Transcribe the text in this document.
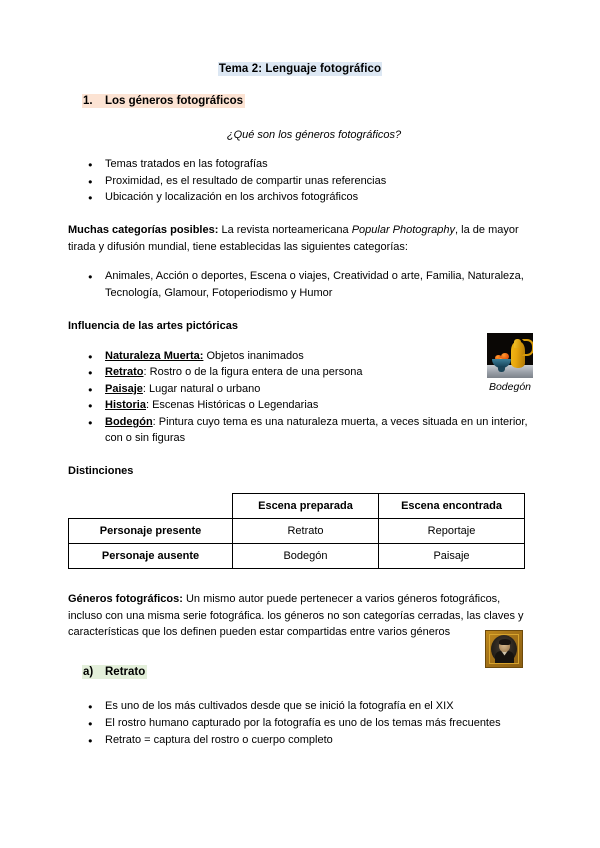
Tema 2: Lenguaje fotográfico
1. Los géneros fotográficos
¿Qué son los géneros fotográficos?
● Temas tratados en las fotografías
● Proximidad, es el resultado de compartir unas referencias
● Ubicación y localización en los archivos fotográficos

Muchas categorías posibles: La revista norteamericana Popular Photography, la de mayor tirada y difusión mundial, tiene establecidas las siguientes categorías:

● Animales, Acción o deportes, Escena o viajes, Creatividad o arte, Familia, Naturaleza, Tecnología, Glamour, Fotoperiodismo y Humor
Influencia de las artes pictóricas
● Naturaleza Muerta: Objetos inanimados
● Retrato: Rostro o de la figura entera de una persona
● Paisaje: Lugar natural o urbano
● Historia: Escenas Históricas o Legendarias
● Bodegón: Pintura cuyo tema es una naturaleza muerta, a veces situada en un interior, con o sin figuras
Distinciones
	Escena preparada	Escena encontrada
Personaje presente	Retrato	Reportaje
Personaje ausente	Bodegón	Paisaje

Géneros fotográficos: Un mismo autor puede pertenecer a varios géneros fotográficos, incluso con una misma serie fotográfica. los géneros no son categorías cerradas, las claves y características que los definen pueden estar compartidas entre varios géneros

a) Retrato
● Es uno de los más cultivados desde que se inició la fotografía en el XIX
● El rostro humano capturado por la fotografía es uno de los temas más frecuentes
● Retrato = captura del rostro o cuerpo completo
Bodegón
